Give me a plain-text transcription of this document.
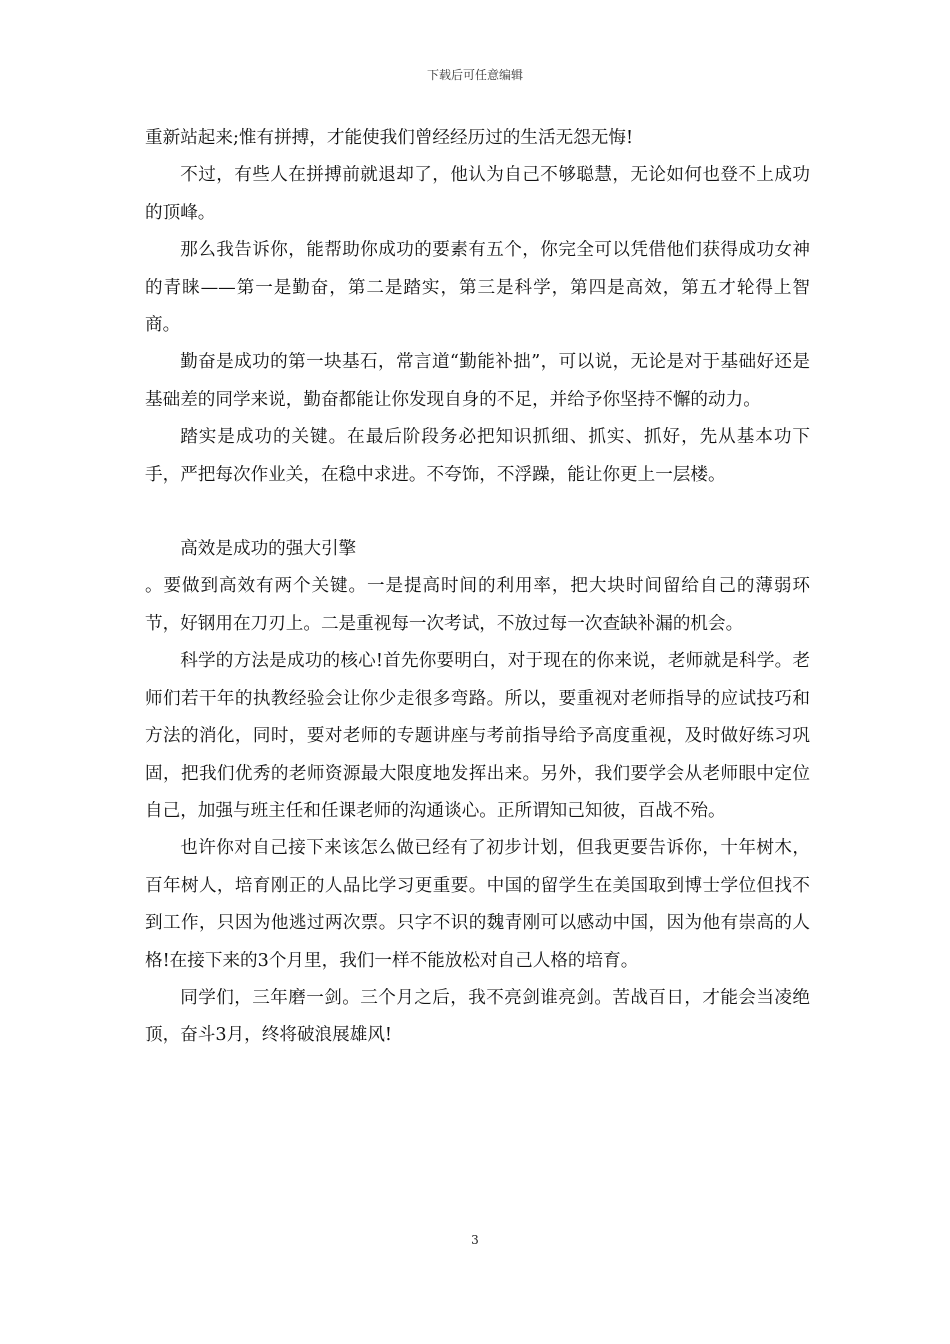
下载后可任意编辑

重新站起来;惟有拼搏，才能使我们曾经经历过的生活无怨无悔!

不过，有些人在拼搏前就退却了，他认为自己不够聪慧，无论如何也登不上成功的顶峰。

那么我告诉你，能帮助你成功的要素有五个，你完全可以凭借他们获得成功女神的青睐——第一是勤奋，第二是踏实，第三是科学，第四是高效，第五才轮得上智商。

勤奋是成功的第一块基石，常言道“勤能补拙”，可以说，无论是对于基础好还是基础差的同学来说，勤奋都能让你发现自身的不足，并给予你坚持不懈的动力。

踏实是成功的关键。在最后阶段务必把知识抓细、抓实、抓好，先从基本功下手，严把每次作业关，在稳中求进。不夸饰，不浮躁，能让你更上一层楼。

高效是成功的强大引擎

。要做到高效有两个关键。一是提高时间的利用率，把大块时间留给自己的薄弱环节，好钢用在刀刃上。二是重视每一次考试，不放过每一次查缺补漏的机会。

科学的方法是成功的核心!首先你要明白，对于现在的你来说，老师就是科学。老师们若干年的执教经验会让你少走很多弯路。所以，要重视对老师指导的应试技巧和方法的消化，同时，要对老师的专题讲座与考前指导给予高度重视，及时做好练习巩固，把我们优秀的老师资源最大限度地发挥出来。另外，我们要学会从老师眼中定位自己，加强与班主任和任课老师的沟通谈心。正所谓知己知彼，百战不殆。

也许你对自己接下来该怎么做已经有了初步计划，但我更要告诉你，十年树木，百年树人，培育刚正的人品比学习更重要。中国的留学生在美国取到博士学位但找不到工作，只因为他逃过两次票。只字不识的魏青刚可以感动中国，因为他有崇高的人格!在接下来的3个月里，我们一样不能放松对自己人格的培育。

同学们，三年磨一剑。三个月之后，我不亮剑谁亮剑。苦战百日，才能会当凌绝顶，奋斗3月，终将破浪展雄风!

3
